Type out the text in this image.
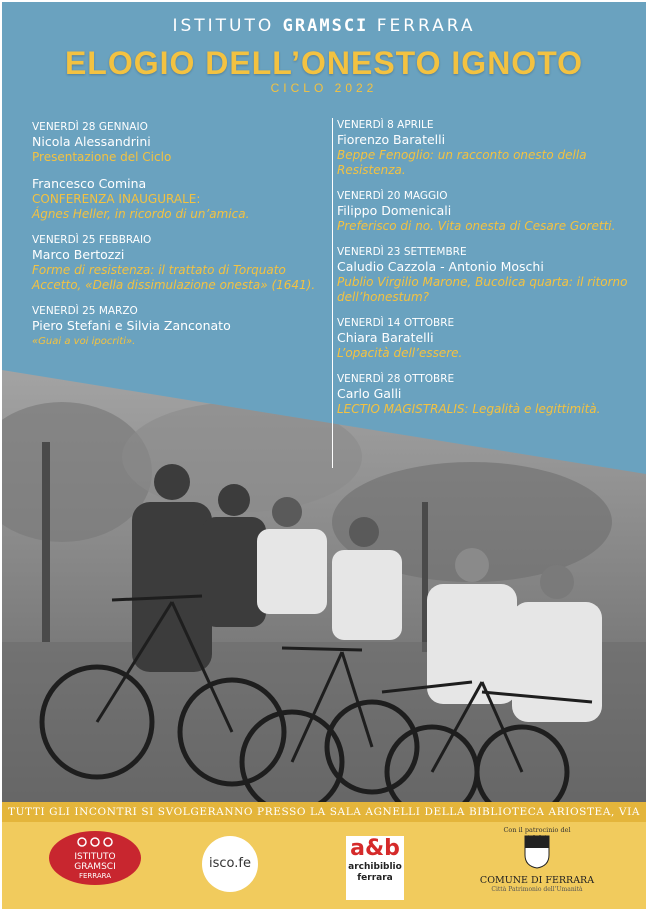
ISTITUTO GRAMSCI FERRARA
ELOGIO DELL’ONESTO IGNOTO
CICLO 2022
VENERDÌ 28 GENNAIO
Nicola Alessandrini
Presentazione del Ciclo
Francesco Comina
CONFERENZA INAUGURALE:
Ágnes Heller, in ricordo di un’amica.
VENERDÌ 25 FEBBRAIO
Marco Bertozzi
Forme di resistenza: il trattato di Torquato Accetto, «Della dissimulazione onesta» (1641).
VENERDÌ 25 MARZO
Piero Stefani e Silvia Zanconato
«Guai a voi ipocriti».
VENERDÌ 8 APRILE
Fiorenzo Baratelli
Beppe Fenoglio: un racconto onesto della Resistenza.
VENERDÌ 20 MAGGIO
Filippo Domenicali
Preferisco di no. Vita onesta di Cesare Goretti.
VENERDÌ 23 SETTEMBRE
Caludio Cazzola - Antonio Moschi
Publio Virgilio Marone, Bucolica quarta: il ritorno dell’honestum?
VENERDÌ 14 OTTOBRE
Chiara Baratelli
L’opacità dell’essere.
VENERDÌ 28 OTTOBRE
Carlo Galli
LECTIO MAGISTRALIS: Legalità e legittimità.
TUTTI GLI INCONTRI SI SVOLGERANNO PRESSO LA SALA AGNELLI DELLA BIBLIOTECA ARIOSTEA, VIA
ISTITUTO
GRAMSCI
FERRARA
isco.fe
a&b
archibiblio
ferrara
Con il patrocinio del
COMUNE DI FERRARA
Città Patrimonio dell’Umanità
